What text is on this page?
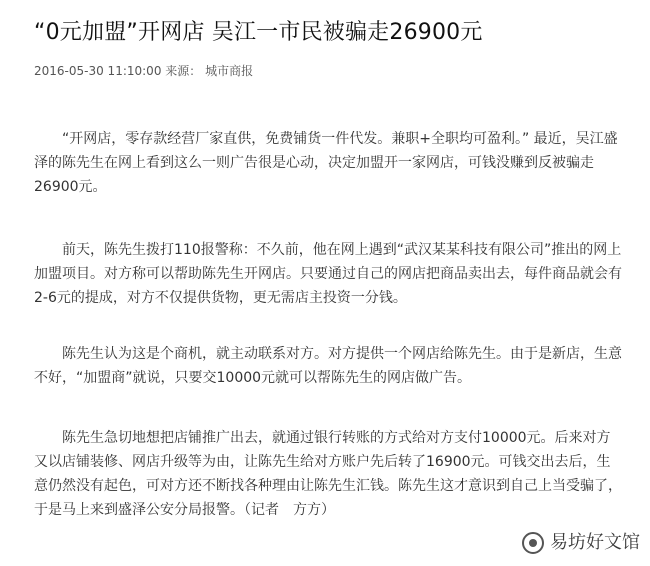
“0元加盟”开网店 吴江一市民被骗走26900元
2016-05-30 11:10:00 来源： 城市商报

“开网店，零存款经营厂家直供，免费铺货一件代发。兼职+全职均可盈利。” 最近，吴江盛泽的陈先生在网上看到这么一则广告很是心动，决定加盟开一家网店，可钱没赚到反被骗走26900元。

前天，陈先生拨打110报警称：不久前，他在网上遇到“武汉某某科技有限公司”推出的网上加盟项目。对方称可以帮助陈先生开网店。只要通过自己的网店把商品卖出去，每件商品就会有2-6元的提成，对方不仅提供货物，更无需店主投资一分钱。

陈先生认为这是个商机，就主动联系对方。对方提供一个网店给陈先生。由于是新店，生意不好，“加盟商”就说，只要交10000元就可以帮陈先生的网店做广告。

陈先生急切地想把店铺推广出去，就通过银行转账的方式给对方支付10000元。后来对方又以店铺装修、网店升级等为由，让陈先生给对方账户先后转了16900元。可钱交出去后，生意仍然没有起色，可对方还不断找各种理由让陈先生汇钱。陈先生这才意识到自己上当受骗了，于是马上来到盛泽公安分局报警。（记者　方方）

易坊好文馆
